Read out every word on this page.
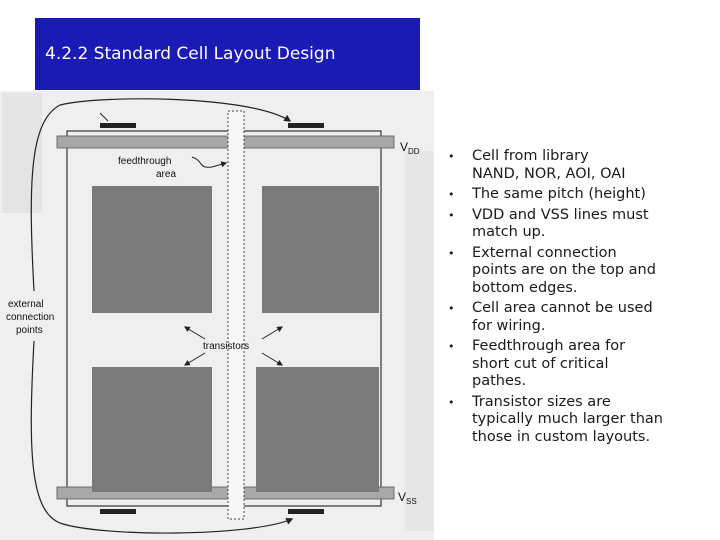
4.2.2 Standard Cell Layout Design
$V_{DD}$
$V_{SS}$
feedthrough
area
external
connection
points
transistors
• Cell from library
NAND, NOR, AOI, OAI
• The same pitch (height)
• VDD and VSS lines must
match up.
• External connection
points are on the top and
bottom edges.
• Cell area cannot be used
for wiring.
• Feedthrough area for
short cut of critical
pathes.
• Transistor sizes are
typically much larger than
those in custom layouts.
